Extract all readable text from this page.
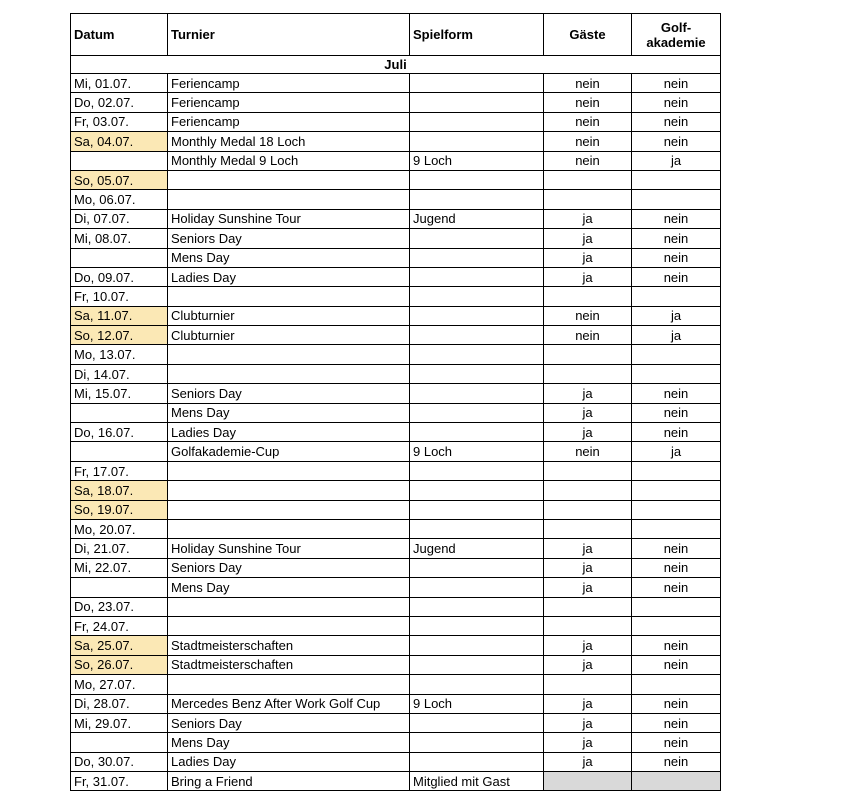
Datum	Turnier	Spielform	Gäste	Golf-akademie
Juli				
Mi, 01.07.	Feriencamp		nein	nein
Do, 02.07.	Feriencamp		nein	nein
Fr, 03.07.	Feriencamp		nein	nein
Sa, 04.07.	Monthly Medal 18 Loch		nein	nein
	Monthly Medal 9 Loch	9 Loch	nein	ja
So, 05.07.				
Mo, 06.07.				
Di, 07.07.	Holiday Sunshine Tour	Jugend	ja	nein
Mi, 08.07.	Seniors Day		ja	nein
	Mens Day		ja	nein
Do, 09.07.	Ladies Day		ja	nein
Fr, 10.07.				
Sa, 11.07.	Clubturnier		nein	ja
So, 12.07.	Clubturnier		nein	ja
Mo, 13.07.				
Di, 14.07.				
Mi, 15.07.	Seniors Day		ja	nein
	Mens Day		ja	nein
Do, 16.07.	Ladies Day		ja	nein
	Golfakademie-Cup	9 Loch	nein	ja
Fr, 17.07.				
Sa, 18.07.				
So, 19.07.				
Mo, 20.07.				
Di, 21.07.	Holiday Sunshine Tour	Jugend	ja	nein
Mi, 22.07.	Seniors Day		ja	nein
	Mens Day		ja	nein
Do, 23.07.				
Fr, 24.07.				
Sa, 25.07.	Stadtmeisterschaften		ja	nein
So, 26.07.	Stadtmeisterschaften		ja	nein
Mo, 27.07.				
Di, 28.07.	Mercedes Benz After Work Golf Cup	9 Loch	ja	nein
Mi, 29.07.	Seniors Day		ja	nein
	Mens Day		ja	nein
Do, 30.07.	Ladies Day		ja	nein
Fr, 31.07.	Bring a Friend	Mitglied mit Gast		
